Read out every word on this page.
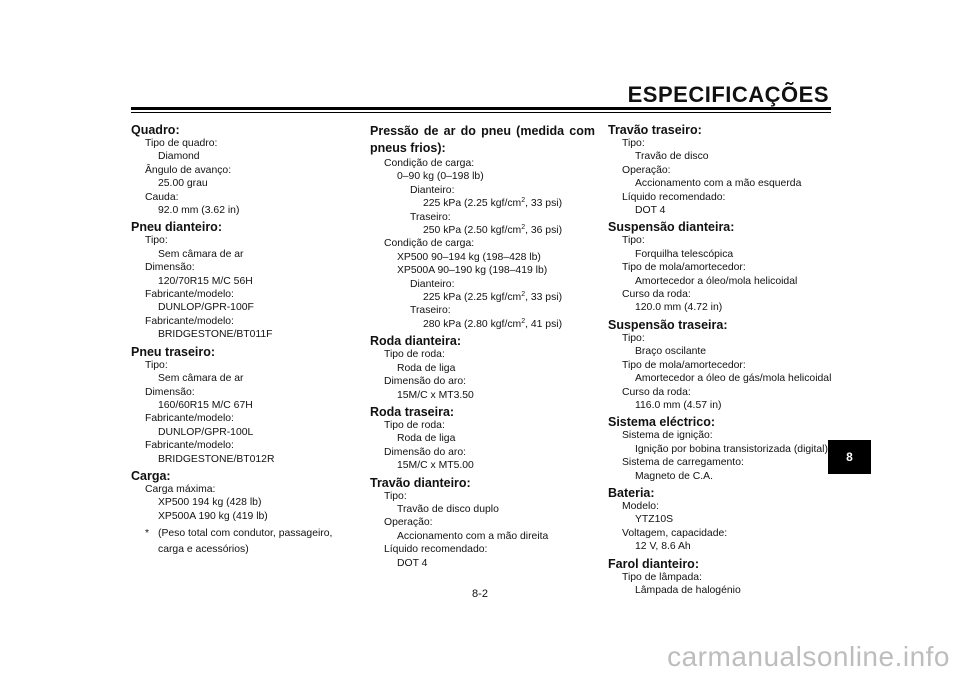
ESPECIFICAÇÕES
Quadro:
Tipo de quadro:
Diamond
Ângulo de avanço:
25.00 grau
Cauda:
92.0 mm (3.62 in)
Pneu dianteiro:
Tipo:
Sem câmara de ar
Dimensão:
120/70R15 M/C 56H
Fabricante/modelo:
DUNLOP/GPR-100F
Fabricante/modelo:
BRIDGESTONE/BT011F
Pneu traseiro:
Tipo:
Sem câmara de ar
Dimensão:
160/60R15 M/C 67H
Fabricante/modelo:
DUNLOP/GPR-100L
Fabricante/modelo:
BRIDGESTONE/BT012R
Carga:
Carga máxima:
XP500 194 kg (428 lb)
XP500A 190 kg (419 lb)
* (Peso total com condutor, passageiro, carga e acessórios)
Pressão de ar do pneu (medida com pneus frios):
Condição de carga:
0–90 kg (0–198 lb)
Dianteiro:
225 kPa (2.25 kgf/$cm^2$, 33 psi)
Traseiro:
250 kPa (2.50 kgf/$cm^2$, 36 psi)
Condição de carga:
XP500 90–194 kg (198–428 lb)
XP500A 90–190 kg (198–419 lb)
Dianteiro:
225 kPa (2.25 kgf/$cm^2$, 33 psi)
Traseiro:
280 kPa (2.80 kgf/$cm^2$, 41 psi)
Roda dianteira:
Tipo de roda:
Roda de liga
Dimensão do aro:
15M/C x MT3.50
Roda traseira:
Tipo de roda:
Roda de liga
Dimensão do aro:
15M/C x MT5.00
Travão dianteiro:
Tipo:
Travão de disco duplo
Operação:
Accionamento com a mão direita
Líquido recomendado:
DOT 4
Travão traseiro:
Tipo:
Travão de disco
Operação:
Accionamento com a mão esquerda
Líquido recomendado:
DOT 4
Suspensão dianteira:
Tipo:
Forquilha telescópica
Tipo de mola/amortecedor:
Amortecedor a óleo/mola helicoidal
Curso da roda:
120.0 mm (4.72 in)
Suspensão traseira:
Tipo:
Braço oscilante
Tipo de mola/amortecedor:
Amortecedor a óleo de gás/mola helicoidal
Curso da roda:
116.0 mm (4.57 in)
Sistema eléctrico:
Sistema de ignição:
Ignição por bobina transistorizada (digital)
Sistema de carregamento:
Magneto de C.A.
Bateria:
Modelo:
YTZ10S
Voltagem, capacidade:
12 V, 8.6 Ah
Farol dianteiro:
Tipo de lâmpada:
Lâmpada de halogénio
8
8-2
carmanualsonline.info
